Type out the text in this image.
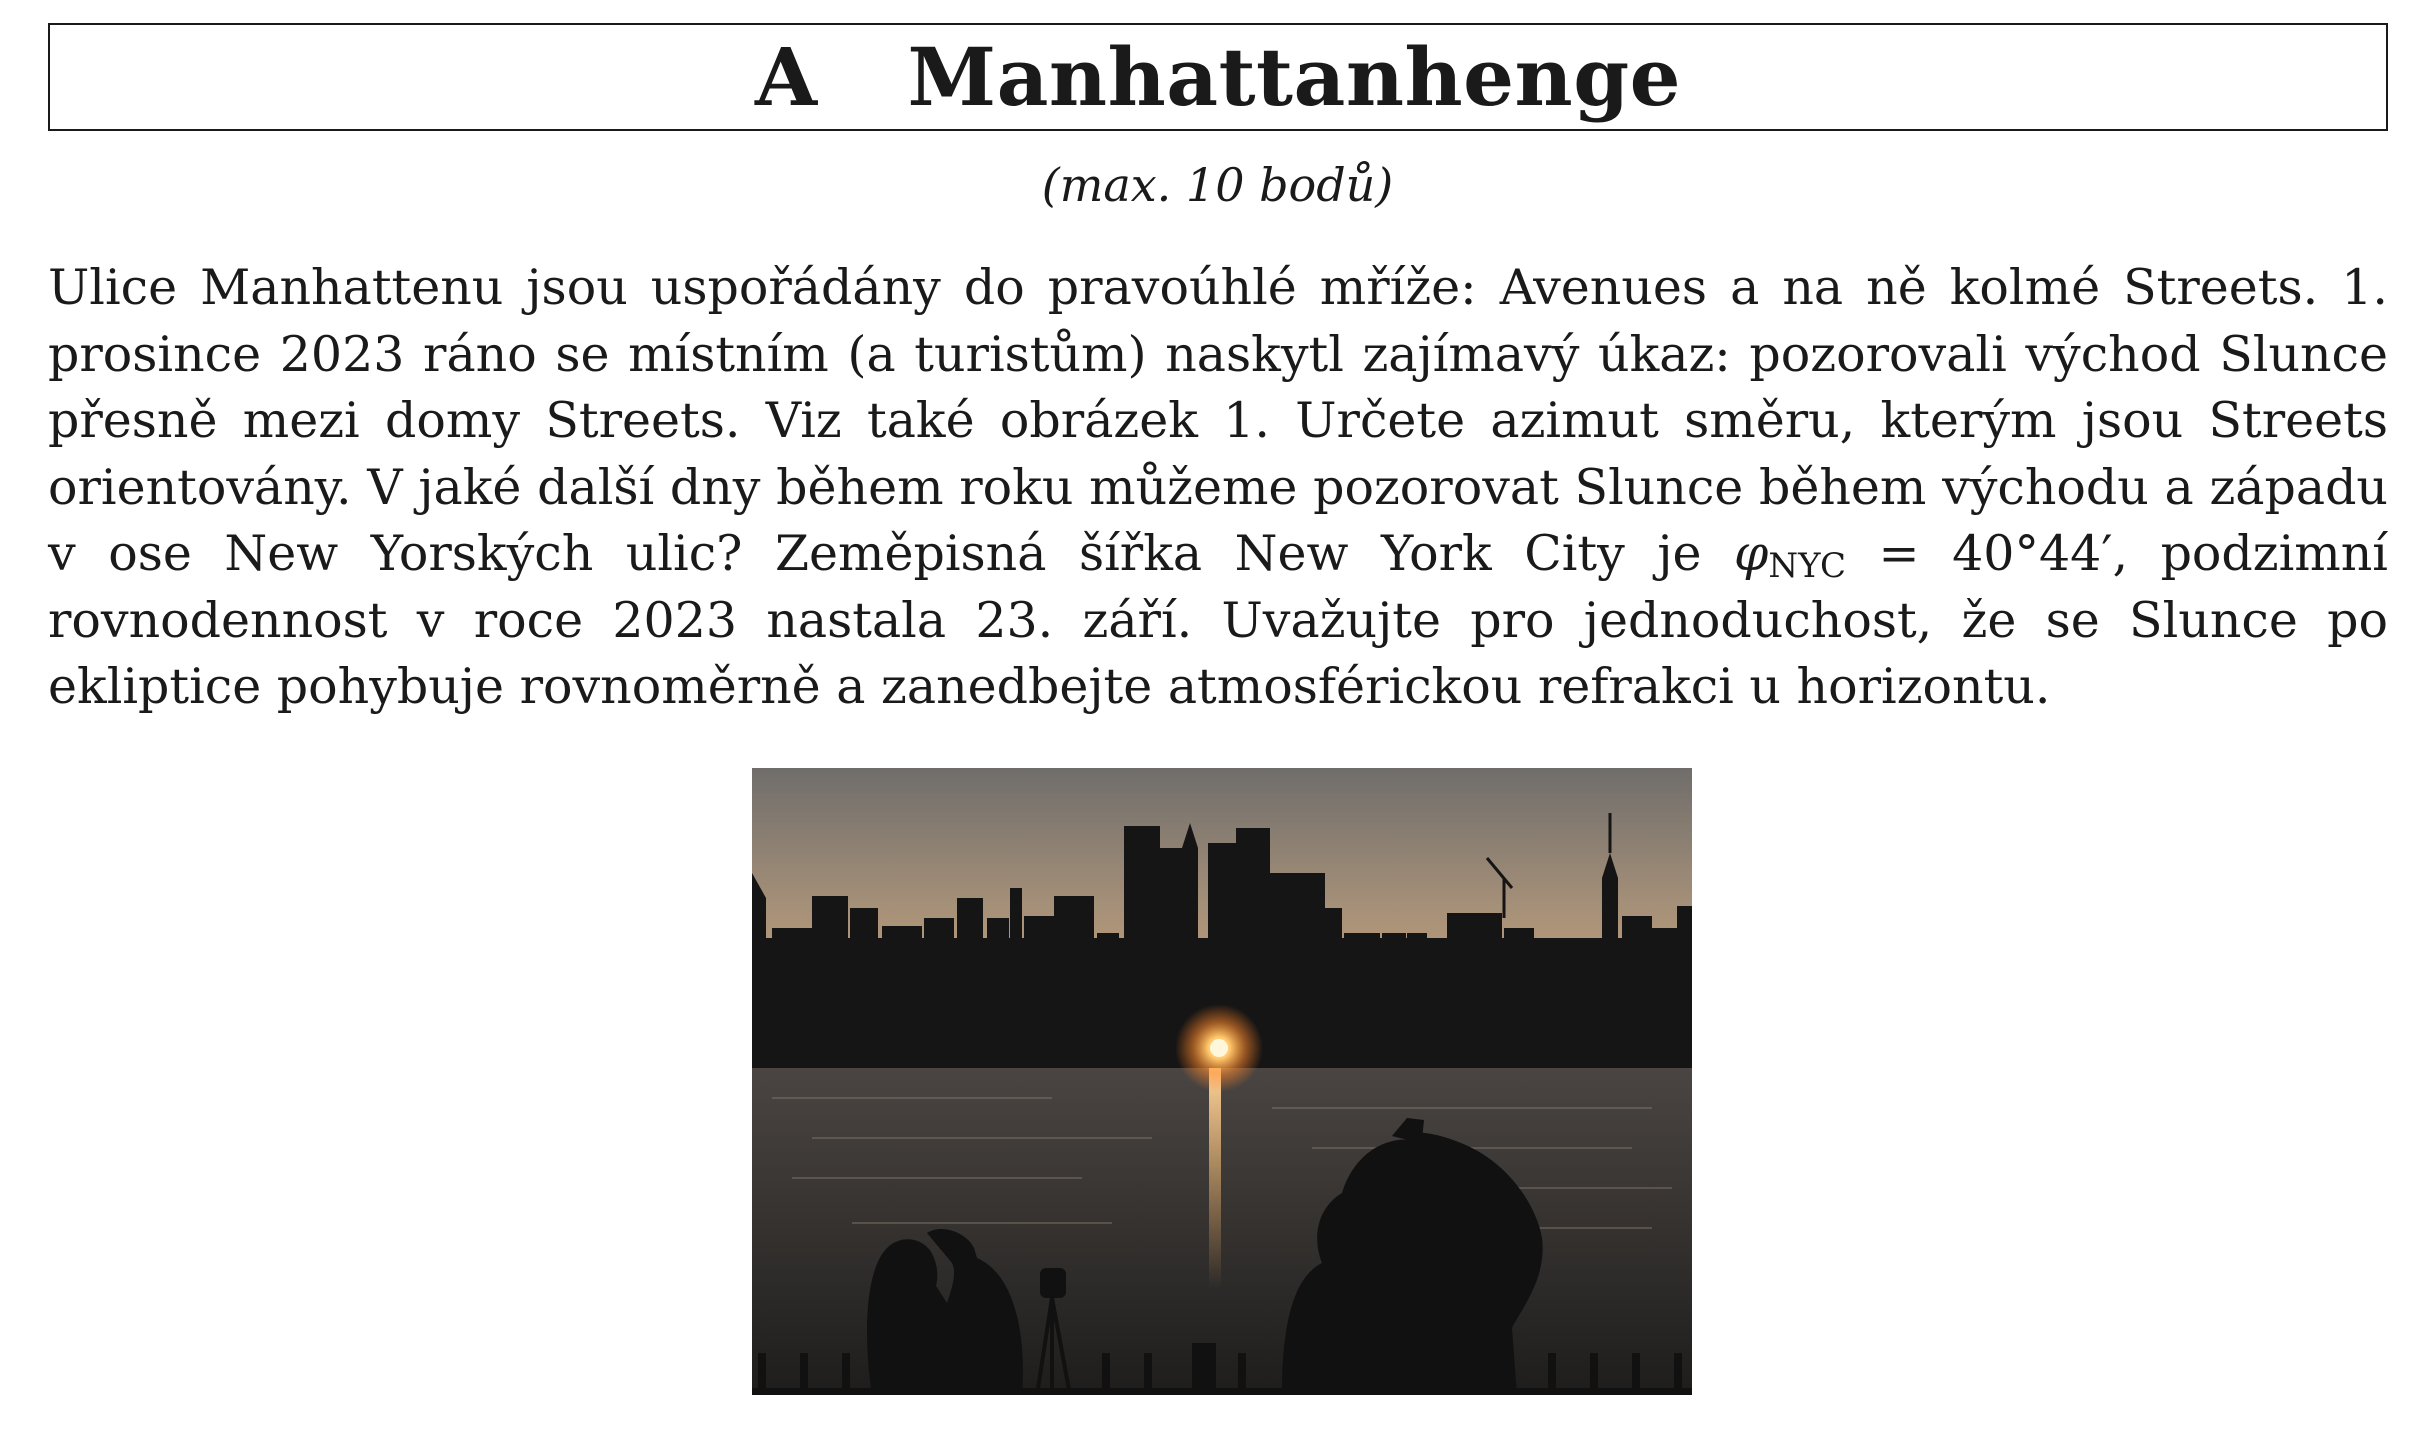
A Manhattanhenge
(max. 10 bodů)
Ulice Manhattenu jsou uspořádány do pravoúhlé mříže: Avenues a na ně kolmé Streets. 1. prosince 2023 ráno se místním (a turistům) naskytl zajímavý úkaz: pozorovali východ Slunce přesně mezi domy Streets. Viz také obrázek 1. Určete azimut směru, kterým jsou Streets orientovány. V jaké další dny během roku můžeme pozorovat Slunce během východu a západu v ose New Yorských ulic? Zeměpisná šířka New York City je $\varphi_{NYC} = 40^\circ 44'$, podzimní rovnodennost v roce 2023 nastala 23. září. Uvažujte pro jednoduchost, že se Slunce po ekliptice pohybuje rovnoměrně a zanedbejte atmosférickou refrakci u horizontu.
